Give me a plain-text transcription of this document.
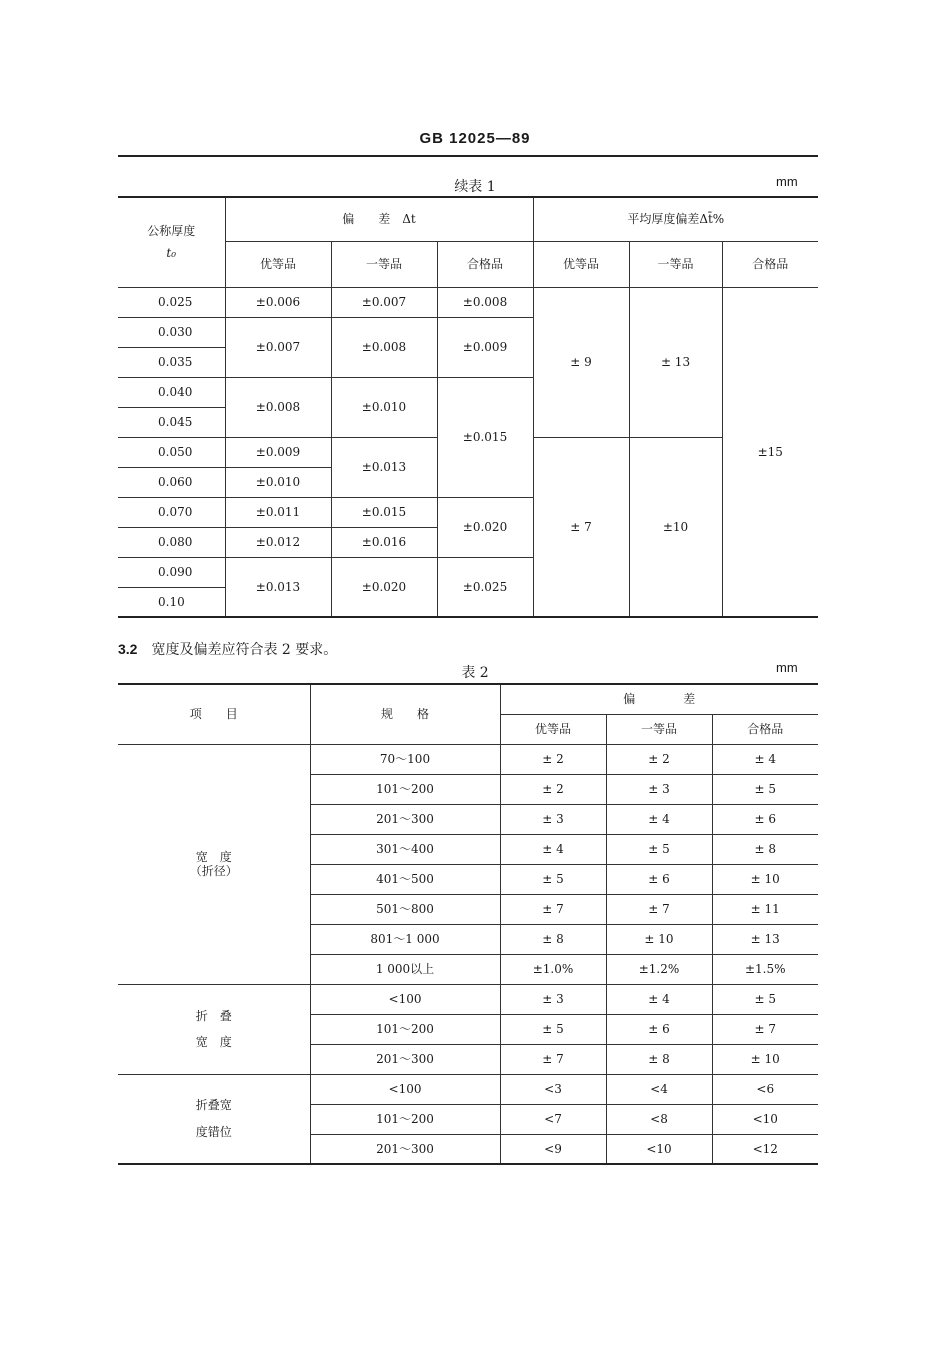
GB 12025—89
续表 1	mm
公称厚度
t₀	偏　　差　Δt			平均厚度偏差Δt̄%		
	优等品	一等品	合格品	优等品	一等品	合格品
0.025	±0.006	±0.007	±0.008	± 9	± 13	±15
0.030	±0.007	±0.008	±0.009			
0.035						
0.040	±0.008	±0.010	±0.015			
0.045						
0.050	±0.009	±0.013		± 7	±10	
0.060	±0.010					
0.070	±0.011	±0.015	±0.020			
0.080	±0.012	±0.016				
0.090	±0.013	±0.020	±0.025			
0.10						
3.2 宽度及偏差应符合表 2 要求。
表 2	mm
项　　目	规　　格	偏　　　　差		
		优等品	一等品	合格品

宽　度
（折径）	70～100	± 2	± 2	± 4
	101～200	± 2	± 3	± 5
	201～300	± 3	± 4	± 6
	301～400	± 4	± 5	± 8
	401～500	± 5	± 6	± 10
	501～800	± 7	± 7	± 11
	801～1 000	± 8	± 10	± 13
	1 000以上	±1.0%	±1.2%	±1.5%

折　叠
宽　度	<100	± 3	± 4	± 5
	101～200	± 5	± 6	± 7
	201～300	± 7	± 8	± 10

折叠宽
度错位	<100	<3	<4	<6
	101～200	<7	<8	<10
	201～300	<9	<10	<12
